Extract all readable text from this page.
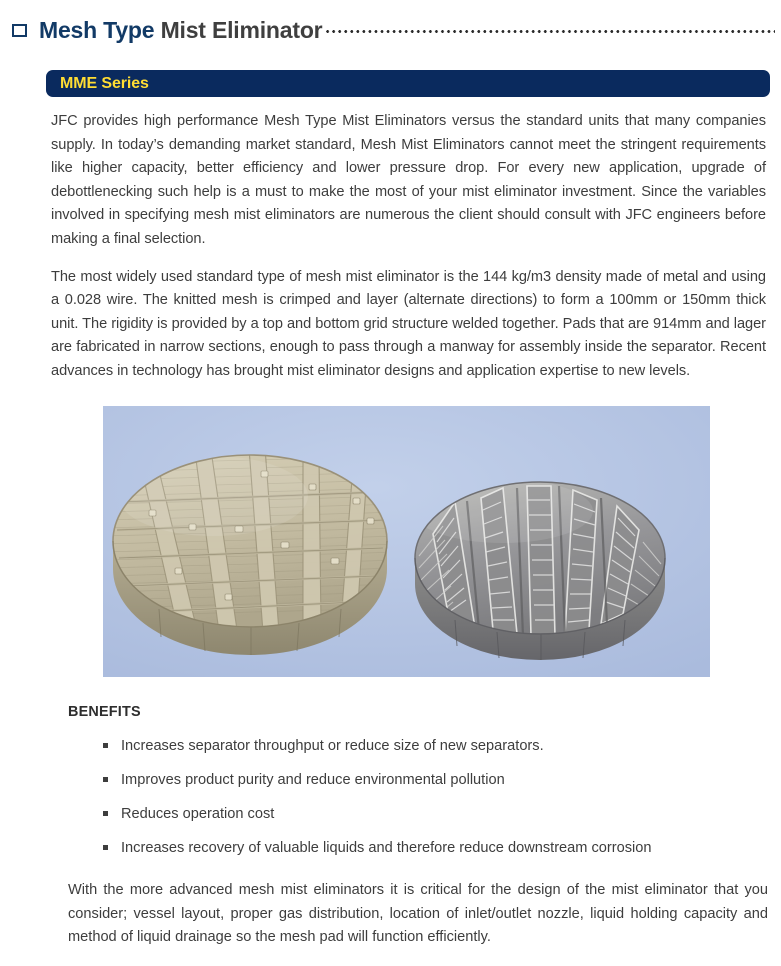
Mesh Type Mist Eliminator
MME Series

JFC provides high performance Mesh Type Mist Eliminators versus the standard units that many companies supply. In today’s demanding market standard, Mesh Mist Eliminators cannot meet the stringent requirements like higher capacity, better efficiency and lower pressure drop. For every new application, upgrade of debottlenecking such help is a must to make the most of your mist eliminator investment. Since the variables involved in specifying mesh mist eliminators are numerous the client should consult with JFC engineers before making a final selection.

The most widely used standard type of mesh mist eliminator is the 144 kg/m3 density made of metal and using a 0.028 wire. The knitted mesh is crimped and layer (alternate directions) to form a 100mm or 150mm thick unit. The rigidity is provided by a top and bottom grid structure welded together. Pads that are 914mm and lager are fabricated in narrow sections, enough to pass through a manway for assembly inside the separator. Recent advances in technology has brought mist eliminator designs and application expertise to new levels.

BENEFITS
Increases separator throughput or reduce size of new separators.
Improves product purity and reduce environmental pollution
Reduces operation cost
Increases recovery of valuable liquids and therefore reduce downstream corrosion

With the more advanced mesh mist eliminators it is critical for the design of the mist eliminator that you consider; vessel layout, proper gas distribution, location of inlet/outlet nozzle, liquid holding capacity and method of liquid drainage so the mesh pad will function efficiently.
